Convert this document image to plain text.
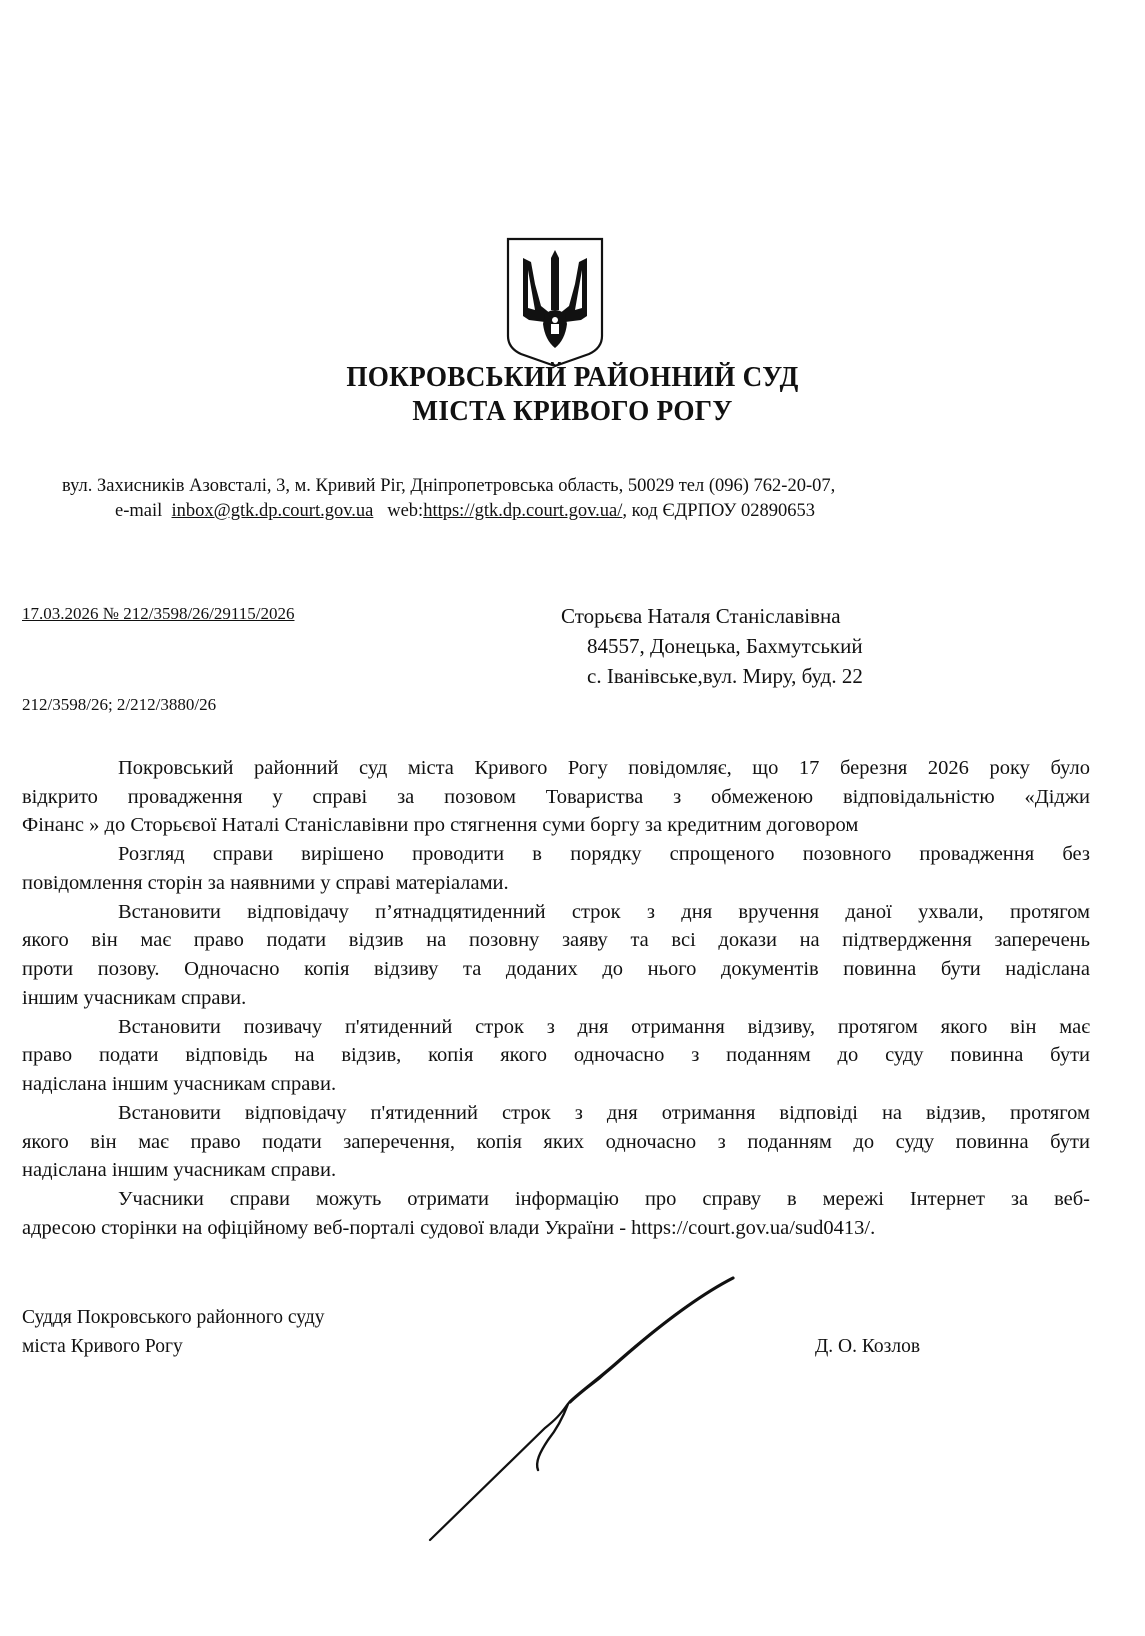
ПОКРОВСЬКИЙ РАЙОННИЙ СУД
МІСТА КРИВОГО РОГУ
вул. Захисників Азовсталі, 3, м. Кривий Ріг, Дніпропетровська область, 50029 тел (096) 762-20-07,
e-mail inbox@gtk.dp.court.gov.ua web:https://gtk.dp.court.gov.ua/, код ЄДРПОУ 02890653
17.03.2026 № 212/3598/26/29115/2026
212/3598/26; 2/212/3880/26
Сторьєва Наталя Станіславівна
84557, Донецька, Бахмутський
с. Іванівське,вул. Миру, буд. 22
Покровський районний суд міста Кривого Рогу повідомляє, що 17 березня 2026 року було
відкрито провадження у справі за позовом Товариства з обмеженою відповідальністю «Діджи
Фінанс » до Сторьєвої Наталі Станіславівни про стягнення суми боргу за кредитним договором
Розгляд справи вирішено проводити в порядку спрощеного позовного провадження без
повідомлення сторін за наявними у справі матеріалами.
Встановити відповідачу п’ятнадцятиденний строк з дня вручення даної ухвали, протягом
якого він має право подати відзив на позовну заяву та всі докази на підтвердження заперечень
проти позову. Одночасно копія відзиву та доданих до нього документів повинна бути надіслана
іншим учасникам справи.
Встановити позивачу п'ятиденний строк з дня отримання відзиву, протягом якого він має
право подати відповідь на відзив, копія якого одночасно з поданням до суду повинна бути
надіслана іншим учасникам справи.
Встановити відповідачу п'ятиденний строк з дня отримання відповіді на відзив, протягом
якого він має право подати заперечення, копія яких одночасно з поданням до суду повинна бути
надіслана іншим учасникам справи.
Учасники справи можуть отримати інформацію про справу в мережі Інтернет за веб-
адресою сторінки на офіційному веб-порталі судової влади України - https://court.gov.ua/sud0413/.
Суддя Покровського районного суду
міста Кривого Рогу	Д. О. Козлов
